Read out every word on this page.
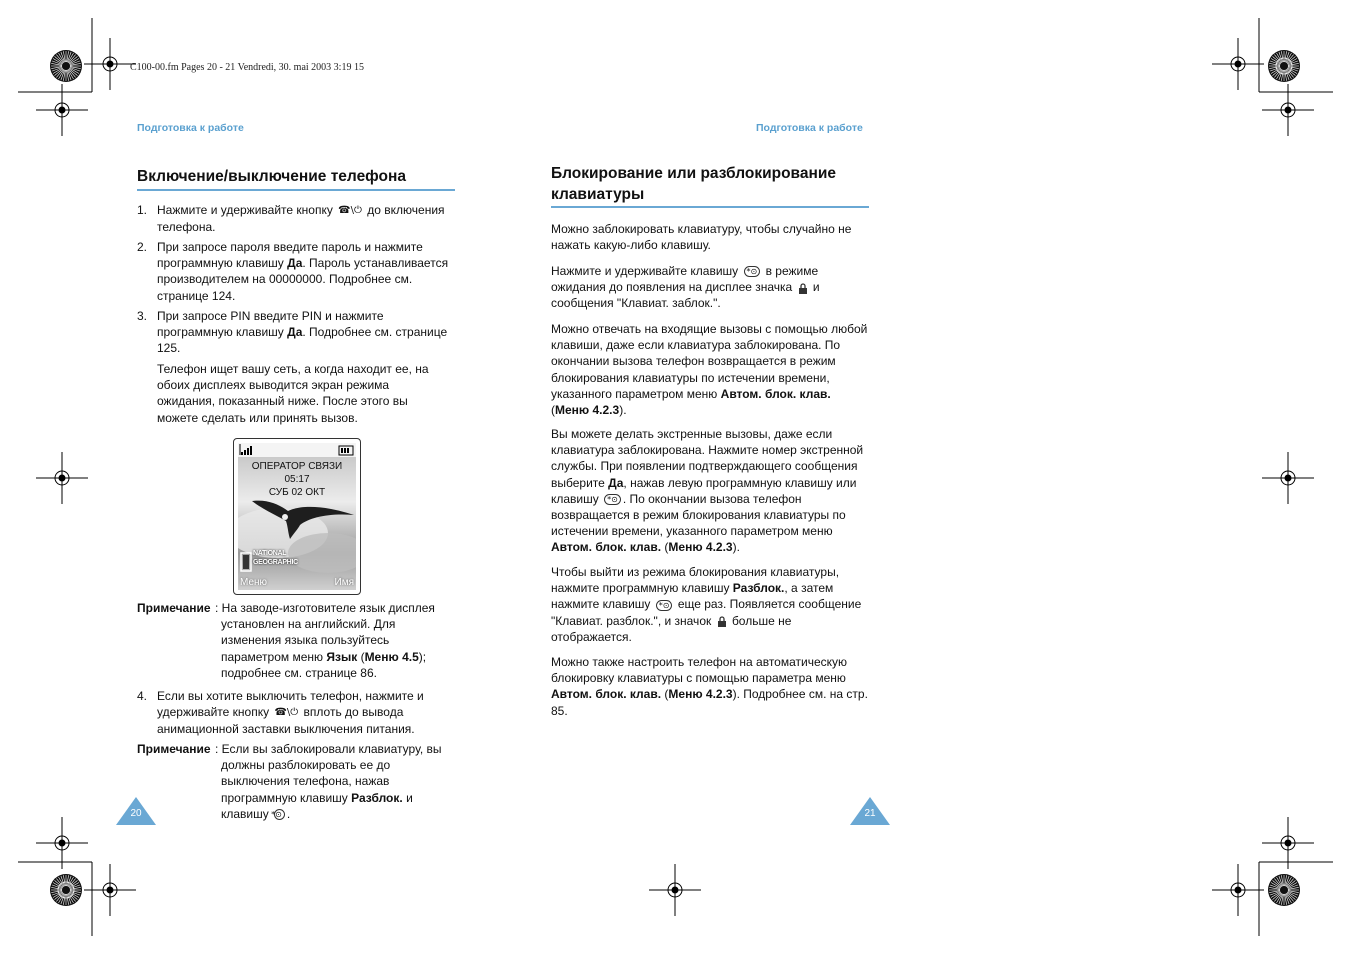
C100-00.fm Pages 20 - 21 Vendredi, 30. mai 2003 3:19 15
Подготовка к работе
Включение/выключение телефона
1. Нажмите и удерживайте кнопку ☎\⏻ до включения телефона.
2. При запросе пароля введите пароль и нажмите программную клавишу Да. Пароль устанавливается производителем на 00000000. Подробнее см. странице 124.
3. При запросе PIN введите PIN и нажмите программную клавишу Да. Подробнее см. странице 125.
Телефон ищет вашу сеть, а когда находит ее, на обоих дисплеях выводится экран режима ожидания, показанный ниже. После этого вы можете сделать или принять вызов.
ОПЕРАТОР СВЯЗИ
05:17
СУБ 02 ОКТ
NATIONAL
GEOGRAPHIC
Меню	Имя
Примечание : На заводе-изготовителе язык дисплея установлен на английский. Для изменения языка пользуйтесь параметром меню Язык (Меню 4.5); подробнее см. странице 86.
4. Если вы хотите выключить телефон, нажмите и удерживайте кнопку ☎\⏻ вплоть до вывода анимационной заставки выключения питания.
Примечание : Если вы заблокировали клавиатуру, вы должны разблокировать ее до выключения телефона, нажав программную клавишу Разблок. и клавишу *⊙ .
20
Подготовка к работе
Блокирование или разблокирование
клавиатуры
Можно заблокировать клавиатуру, чтобы случайно не нажать какую-либо клавишу.
Нажмите и удерживайте клавишу *⊙ в режиме ожидания до появления на дисплее значка и сообщения "Клавиат. заблок.".
Можно отвечать на входящие вызовы с помощью любой клавиши, даже если клавиатура заблокирована. По окончании вызова телефон возвращается в режим блокирования клавиатуры по истечении времени, указанного параметром меню Автом. блок. клав. (Меню 4.2.3).
Вы можете делать экстренные вызовы, даже если клавиатура заблокирована. Нажмите номер экстренной службы. При появлении подтверждающего сообщения выберите Да, нажав левую программную клавишу или клавишу *⊙ . По окончании вызова телефон возвращается в режим блокирования клавиатуры по истечении времени, указанного параметром меню Автом. блок. клав. (Меню 4.2.3).
Чтобы выйти из режима блокирования клавиатуры, нажмите программную клавишу Разблок., а затем нажмите клавишу *⊙ еще раз. Появляется сообщение "Клавиат. разблок.", и значок больше не отображается.
Можно также настроить телефон на автоматическую блокировку клавиатуры с помощью параметра меню Автом. блок. клав. (Меню 4.2.3). Подробнее см. на стр. 85.
21
